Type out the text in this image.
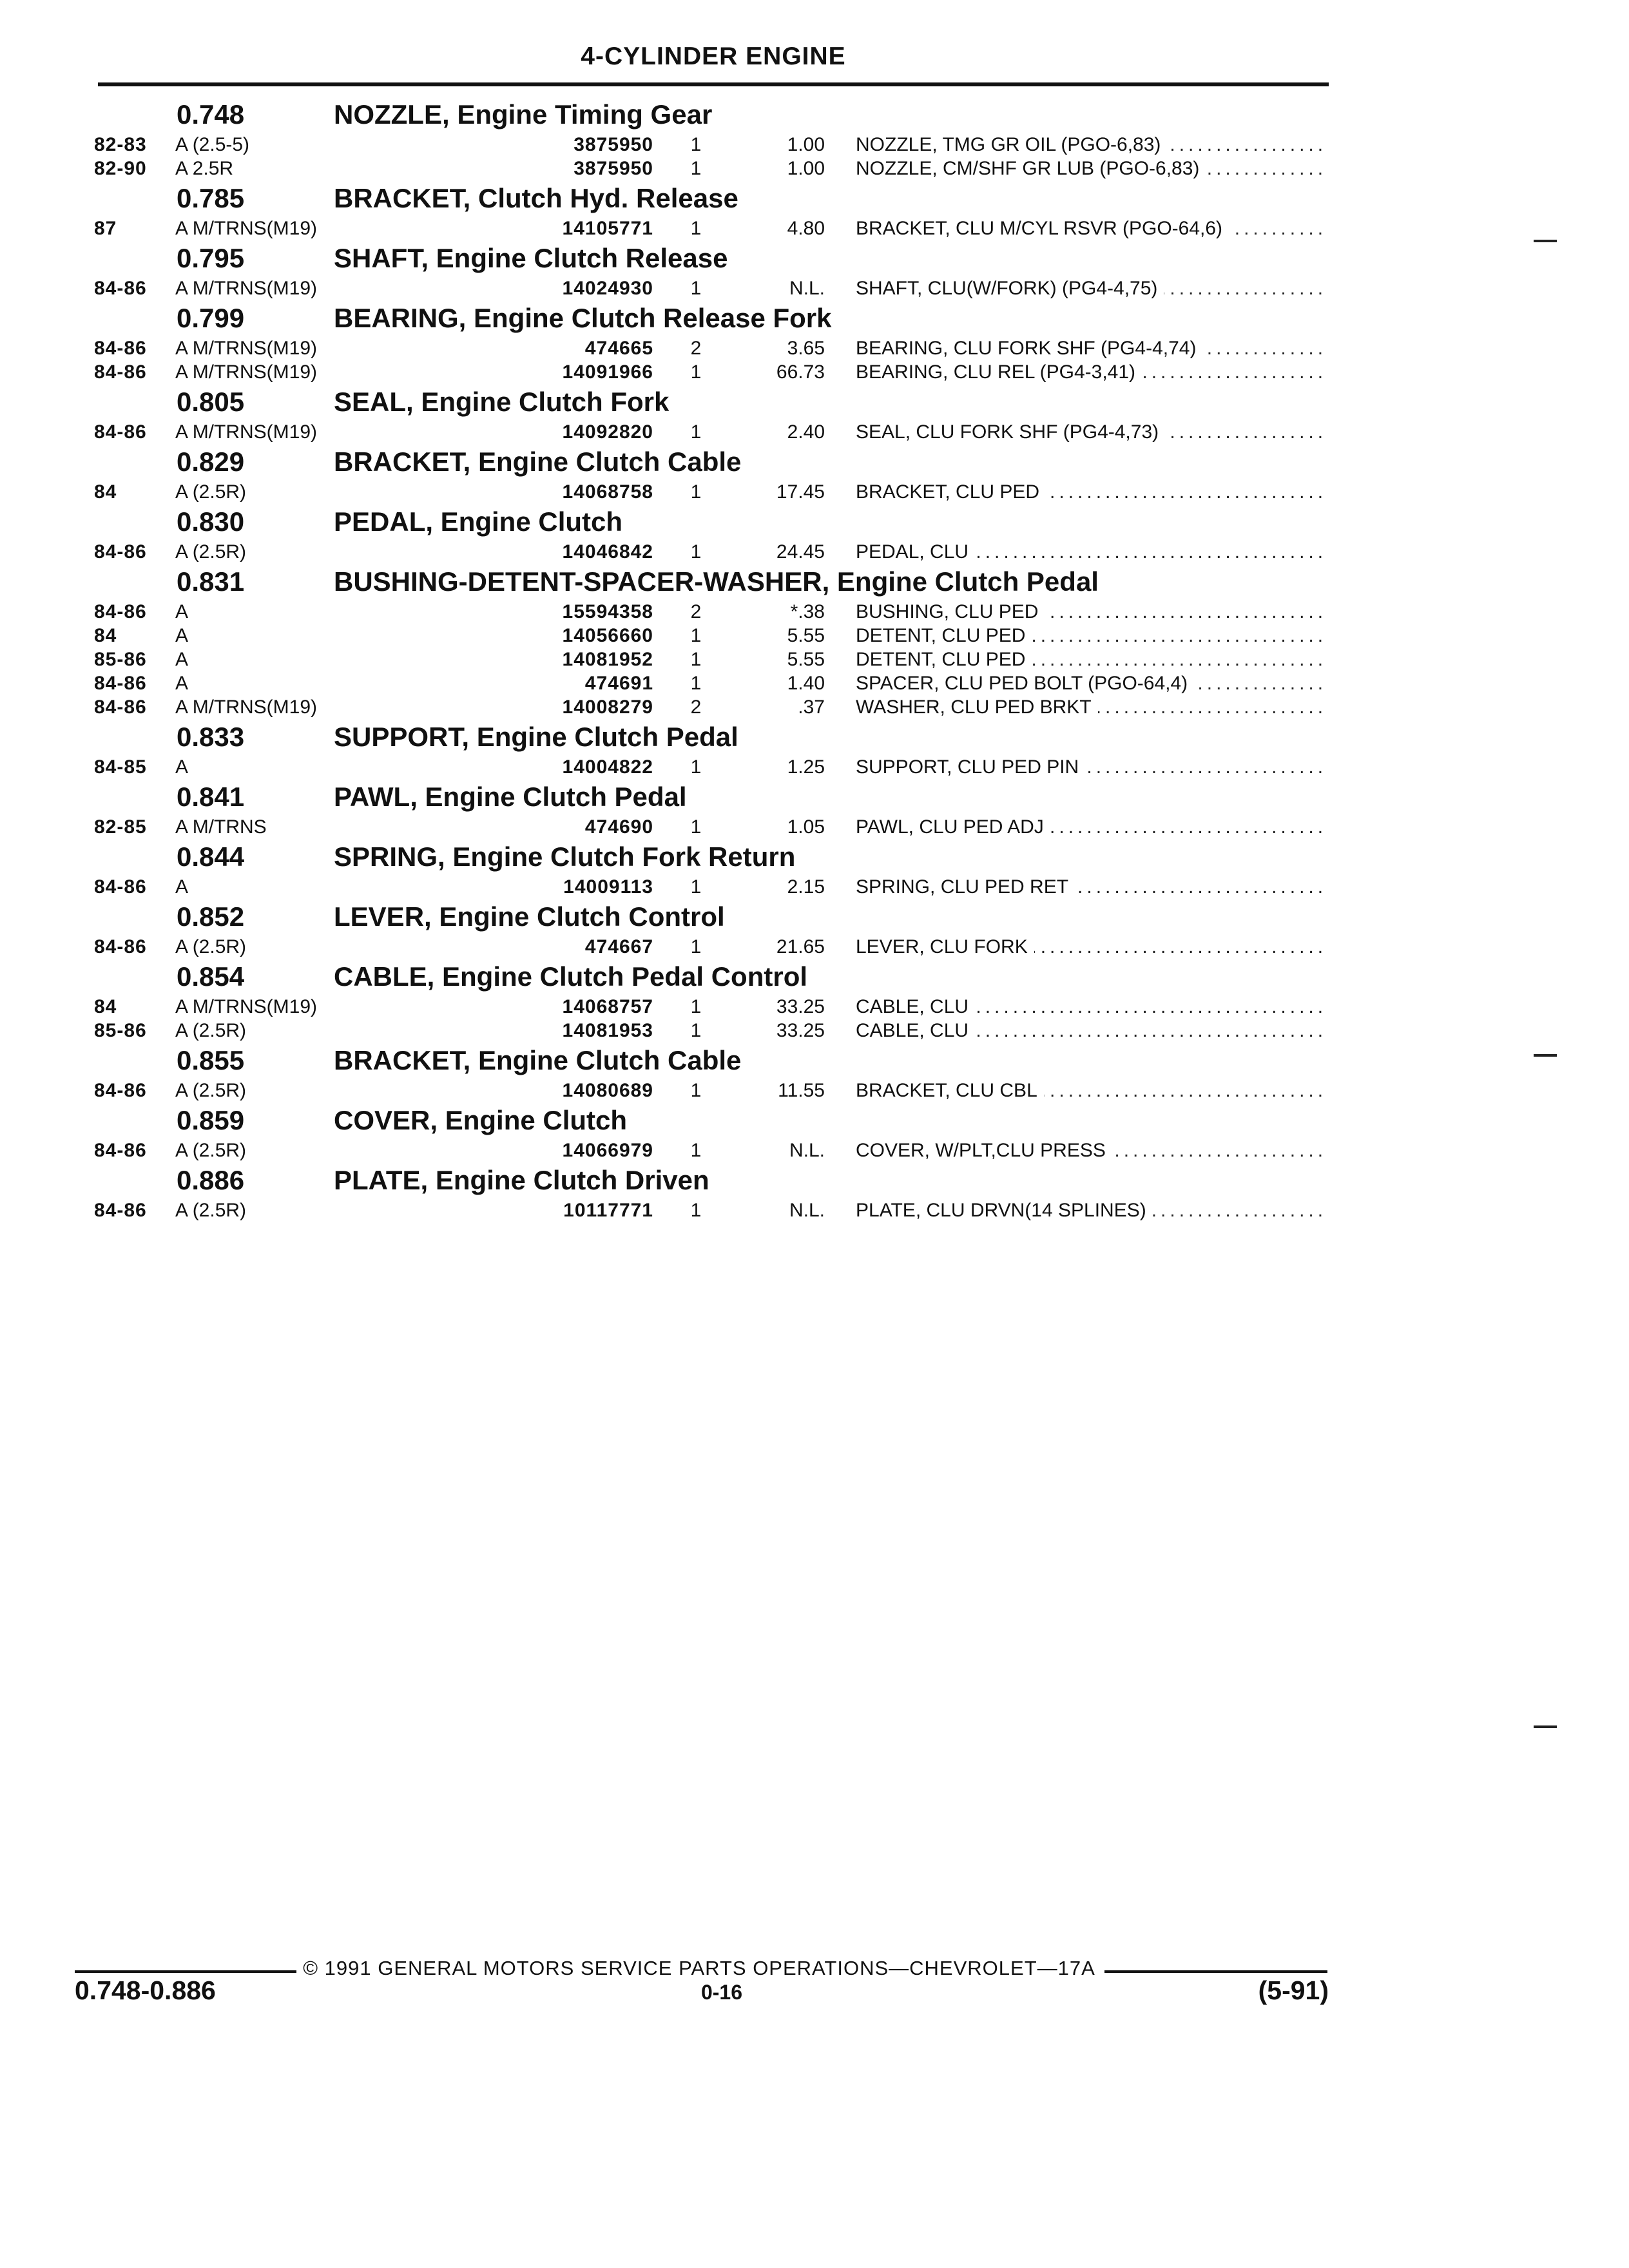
4-CYLINDER ENGINE
0.748	NOZZLE, Engine Timing Gear
82-83	A (2.5-5) .....	3875950	1	1.00 NOZZLE, TMG GR OIL (PGO-6,83) .....
82-90	A 2.5R .....	3875950	1	1.00 NOZZLE, CM/SHF GR LUB (PGO-6,83) .....
0.785	BRACKET, Clutch Hyd. Release
87	A M/TRNS(M19) .....	14105771	1	4.80 BRACKET, CLU M/CYL RSVR (PGO-64,6) .....
0.795	SHAFT, Engine Clutch Release
84-86	A M/TRNS(M19) .....	14024930	1	N.L. SHAFT, CLU(W/FORK) (PG4-4,75) .....
0.799	BEARING, Engine Clutch Release Fork
84-86	A M/TRNS(M19) .....	474665	2	3.65 BEARING, CLU FORK SHF (PG4-4,74) .....
84-86	A M/TRNS(M19) .....	14091966	1	66.73 BEARING, CLU REL (PG4-3,41) .....
0.805	SEAL, Engine Clutch Fork
84-86	A M/TRNS(M19) .....	14092820	1	2.40 SEAL, CLU FORK SHF (PG4-4,73) .....
0.829	BRACKET, Engine Clutch Cable
84	A (2.5R) .....	14068758	1	17.45 BRACKET, CLU PED .....
0.830	PEDAL, Engine Clutch
84-86	A (2.5R) .....	14046842	1	24.45 PEDAL, CLU .....
0.831	BUSHING-DETENT-SPACER-WASHER, Engine Clutch Pedal
84-86	A .....	15594358	2	*.38 BUSHING, CLU PED .....
84	A .....	14056660	1	5.55 DETENT, CLU PED .....
85-86	A .....	14081952	1	5.55 DETENT, CLU PED .....
84-86	A .....	474691	1	1.40 SPACER, CLU PED BOLT (PGO-64,4) .....
84-86	A M/TRNS(M19) .....	14008279	2	.37 WASHER, CLU PED BRKT .....
0.833	SUPPORT, Engine Clutch Pedal
84-85	A .....	14004822	1	1.25 SUPPORT, CLU PED PIN .....
0.841	PAWL, Engine Clutch Pedal
82-85	A M/TRNS .....	474690	1	1.05 PAWL, CLU PED ADJ .....
0.844	SPRING, Engine Clutch Fork Return
84-86	A .....	14009113	1	2.15 SPRING, CLU PED RET .....
0.852	LEVER, Engine Clutch Control
84-86	A (2.5R) .....	474667	1	21.65 LEVER, CLU FORK .....
0.854	CABLE, Engine Clutch Pedal Control
84	A M/TRNS(M19) .....	14068757	1	33.25 CABLE, CLU .....
85-86	A (2.5R) .....	14081953	1	33.25 CABLE, CLU .....
0.855	BRACKET, Engine Clutch Cable
84-86	A (2.5R) .....	14080689	1	11.55 BRACKET, CLU CBL .....
0.859	COVER, Engine Clutch
84-86	A (2.5R) .....	14066979	1	N.L. COVER, W/PLT,CLU PRESS .....
0.886	PLATE, Engine Clutch Driven
84-86	A (2.5R) .....	10117771	1	N.L. PLATE, CLU DRVN(14 SPLINES) .....
© 1991 GENERAL MOTORS SERVICE PARTS OPERATIONS—CHEVROLET—17A
0.748-0.886	0-16	(5-91)
